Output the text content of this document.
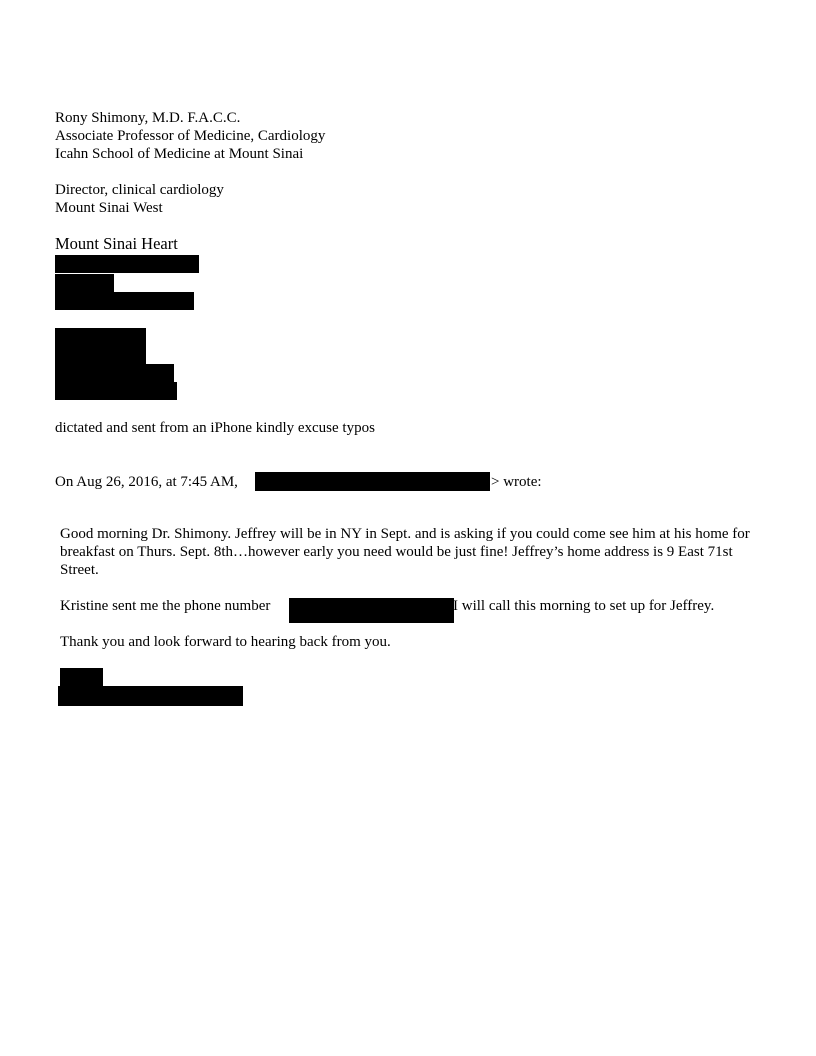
Rony Shimony, M.D. F.A.C.C.
Associate Professor of Medicine, Cardiology
Icahn School of Medicine at Mount Sinai
Director, clinical cardiology
Mount Sinai West
Mount Sinai Heart
dictated and sent from an iPhone kindly excuse typos
On Aug 26, 2016, at 7:45 AM,	> wrote:
Good morning Dr. Shimony. Jeffrey will be in NY in Sept. and is asking if you could come see him at his home for breakfast on Thurs. Sept. 8th…however early you need would be just fine! Jeffrey’s home address is 9 East 71st Street.
Kristine sent me the phone number	I will call this morning to set up for Jeffrey.
Thank you and look forward to hearing back from you.
